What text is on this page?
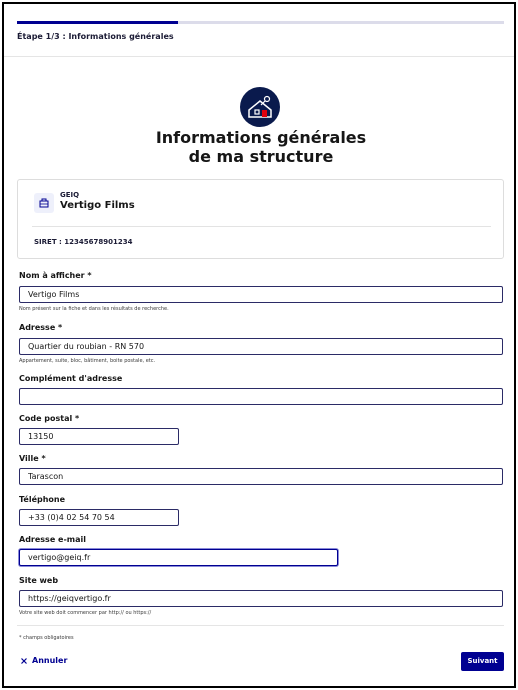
Étape 1/3 : Informations générales
Informations générales
de ma structure
GEIQ
Vertigo Films
SIRET : 12345678901234
Nom à afficher *
Vertigo Films
Nom présent sur la fiche et dans les résultats de recherche.
Adresse *
Quartier du roubian - RN 570
Appartement, suite, bloc, bâtiment, boite postale, etc.
Complément d'adresse
Code postal *
13150
Ville *
Tarascon
Téléphone
+33 (0)4 02 54 70 54
Adresse e-mail
vertigo@geiq.fr
Site web
https://geiqvertigo.fr
Votre site web doit commencer par http:// ou https://
* champs obligatoires
Annuler	Suivant
